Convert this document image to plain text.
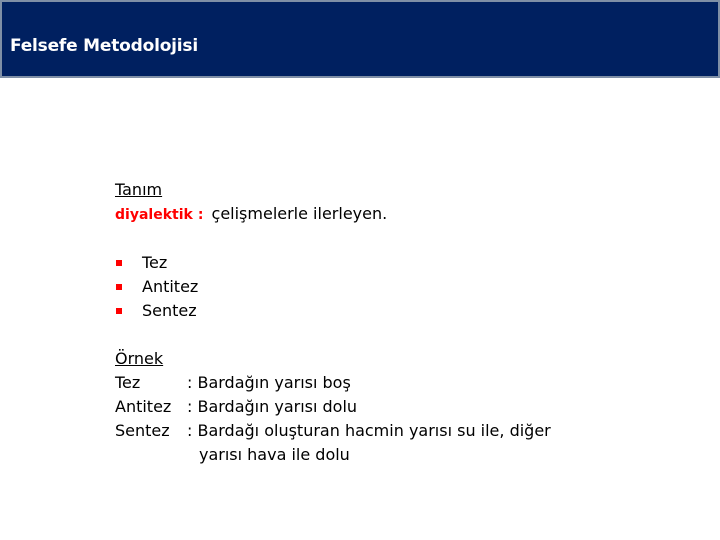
Felsefe Metodolojisi
Tanım
diyalektik : çelişmelerle ilerleyen.
Tez
Antitez
Sentez
Örnek
Tez	: Bardağın yarısı boş
Antitez : Bardağın yarısı dolu
Sentez	: Bardağı oluşturan hacmin yarısı su ile, diğer
yarısı hava ile dolu
